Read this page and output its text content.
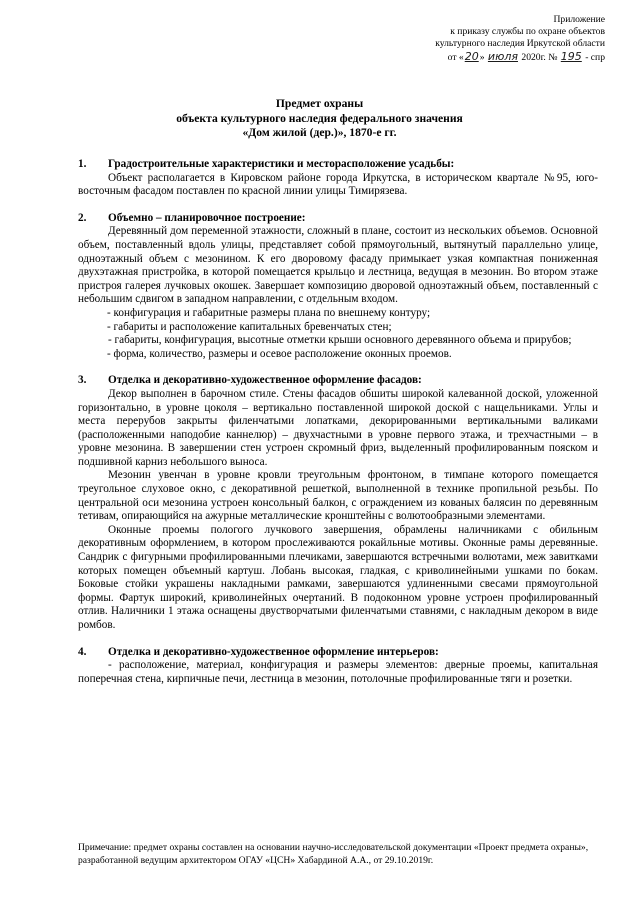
Приложение
к приказу службы по охране объектов
культурного наследия Иркутской области
от «20» июля 2020г. № 195 - спр
Предмет охраны
объекта культурного наследия федерального значения
«Дом жилой (дер.)», 1870-е гг.
1.	Градостроительные характеристики и месторасположение усадьбы:

Объект располагается в Кировском районе города Иркутска, в историческом квартале №95, юго-восточным фасадом поставлен по красной линии улицы Тимирязева.

2.	Объемно – планировочное построение:

Деревянный дом переменной этажности, сложный в плане, состоит из нескольких объемов. Основной объем, поставленный вдоль улицы, представляет собой прямоугольный, вытянутый параллельно улице, одноэтажный объем с мезонином. К его дворовому фасаду примыкает узкая компактная пониженная двухэтажная пристройка, в которой помещается крыльцо и лестница, ведущая в мезонин. Во втором этаже пристроя галерея лучковых окошек. Завершает композицию дворовой одноэтажный объем, поставленный с небольшим сдвигом в западном направлении, с отдельным входом.

- конфигурация и габаритные размеры плана по внешнему контуру;

- габариты и расположение капитальных бревенчатых стен;

- габариты, конфигурация, высотные отметки крыши основного деревянного объема и прирубов;

- форма, количество, размеры и осевое расположение оконных проемов.

3.	Отделка и декоративно-художественное оформление фасадов:

Декор выполнен в барочном стиле. Стены фасадов обшиты широкой калеванной доской, уложенной горизонтально, в уровне цоколя – вертикально поставленной широкой доской с нащельниками. Углы и места перерубов закрыты филенчатыми лопатками, декорированными вертикальными валиками (расположенными наподобие каннелюр) – двухчастными в уровне первого этажа, и трехчастными – в уровне мезонина. В завершении стен устроен скромный фриз, выделенный профилированным пояском и подшивной карниз небольшого выноса.

Мезонин увенчан в уровне кровли треугольным фронтоном, в тимпане которого помещается треугольное слуховое окно, с декоративной решеткой, выполненной в технике пропильной резьбы. По центральной оси мезонина устроен консольный балкон, с ограждением из кованых балясин по деревянным тетивам, опирающийся на ажурные металлические кронштейны с волютообразными элементами.

Оконные проемы пологого лучкового завершения, обрамлены наличниками с обильным декоративным оформлением, в котором прослеживаются рокайльные мотивы. Оконные рамы деревянные. Сандрик с фигурными профилированными плечиками, завершаются встречными волютами, меж завитками которых помещен объемный картуш. Лобань высокая, гладкая, с криволинейными ушками по бокам. Боковые стойки украшены накладными рамками, завершаются удлиненными свесами прямоугольной формы. Фартук широкий, криволинейных очертаний. В подоконном уровне устроен профилированный отлив. Наличники 1 этажа оснащены двустворчатыми филенчатыми ставнями, с накладным декором в виде ромбов.

4.	Отделка и декоративно-художественное оформление интерьеров:

- расположение, материал, конфигурация и размеры элементов: дверные проемы, капитальная поперечная стена, кирпичные печи, лестница в мезонин, потолочные профилированные тяги и розетки.

Примечание: предмет охраны составлен на основании научно-исследовательской документации «Проект предмета охраны», разработанной ведущим архитектором ОГАУ «ЦСН» Хабардиной А.А., от 29.10.2019г.
